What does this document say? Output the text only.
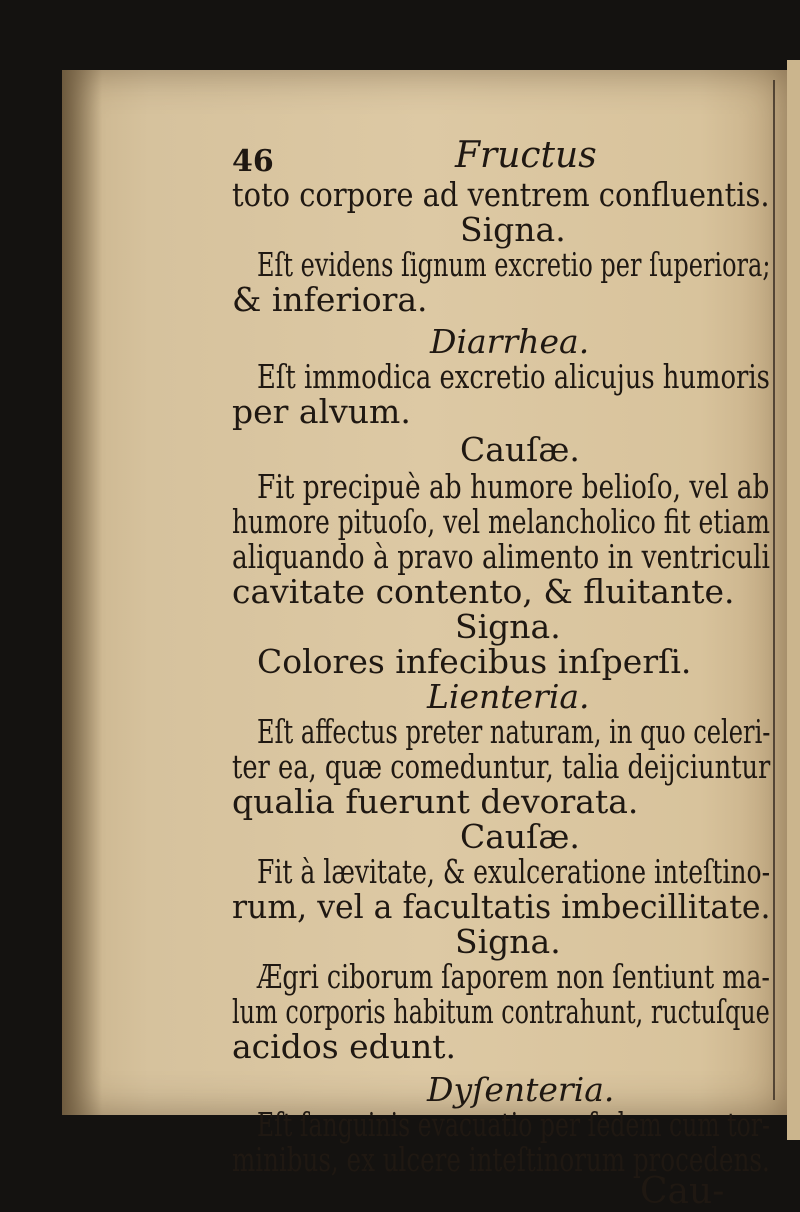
46	Fructus
toto corpore ad ventrem confluentis.
Signa.
Eſt evidens ſignum excretio per ſuperiora;
& inferiora.
Diarrhea.
Eſt immodica excretio alicujus humoris
per alvum.
Cauſæ.
Fit precipuè ab humore belioſo, vel ab
humore pituoſo, vel melancholico fit etiam
aliquando à pravo alimento in ventriculi
cavitate contento, & fluitante.
Signa.
Colores infecibus inſperſi.
Lienteria.
Eſt affectus preter naturam, in quo celeri-
ter ea, quæ comeduntur, talia deijciuntur
qualia fuerunt devorata.
Cauſæ.
Fit à lævitate, & exulceratione inteſtino-
rum, vel a facultatis imbecillitate.
Signa.
Ægri ciborum ſaporem non ſentiunt ma-
lum corporis habitum contrahunt, ructuſque
acidos edunt.
Dyſenteria.
Eſt ſanguinis evacuatio per ſedem cum tor-
minibus, ex ulcere inteſtinorum procedens.
Cau-
